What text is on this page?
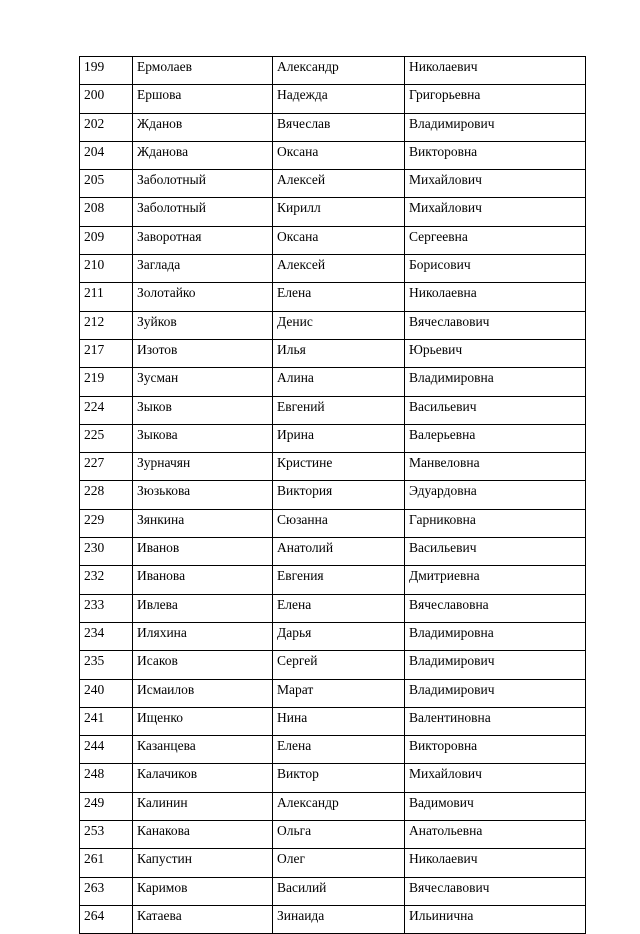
199	Ермолаев	Александр	Николаевич
200	Ершова	Надежда	Григорьевна
202	Жданов	Вячеслав	Владимирович
204	Жданова	Оксана	Викторовна
205	Заболотный	Алексей	Михайлович
208	Заболотный	Кирилл	Михайлович
209	Заворотная	Оксана	Сергеевна
210	Заглада	Алексей	Борисович
211	Золотайко	Елена	Николаевна
212	Зуйков	Денис	Вячеславович
217	Изотов	Илья	Юрьевич
219	Зусман	Алина	Владимировна
224	Зыков	Евгений	Васильевич
225	Зыкова	Ирина	Валерьевна
227	Зурначян	Кристине	Манвеловна
228	Зюзькова	Виктория	Эдуардовна
229	Зянкина	Сюзанна	Гарниковна
230	Иванов	Анатолий	Васильевич
232	Иванова	Евгения	Дмитриевна
233	Ивлева	Елена	Вячеславовна
234	Иляхина	Дарья	Владимировна
235	Исаков	Сергей	Владимирович
240	Исмаилов	Марат	Владимирович
241	Ищенко	Нина	Валентиновна
244	Казанцева	Елена	Викторовна
248	Калачиков	Виктор	Михайлович
249	Калинин	Александр	Вадимович
253	Канакова	Ольга	Анатольевна
261	Капустин	Олег	Николаевич
263	Каримов	Василий	Вячеславович
264	Катаева	Зинаида	Ильинична
